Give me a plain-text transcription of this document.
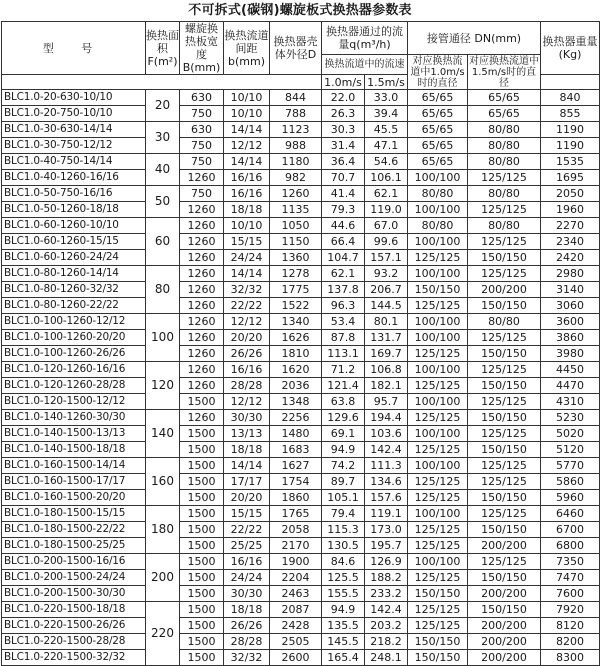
不可拆式(碳钢)螺旋板式换热器参数表
型 号	换热面积F(m²)	螺旋换热板宽度B(mm)	换热流道间距b(mm)	换热器壳体外径D	换热器通过的流量q(m³/h)		接管通径 DN(mm)		换热器重量(Kg)
					换热流道中的流速		对应换热流道中1.0m/s时的直径	对应换热流道中1.5m/s时的直径	
					1.0m/s	1.5m/s			
BLC1.0-20-630-10/10	20	630	10/10	844	22.0	33.0	65/65	65/65	840
BLC1.0-20-750-10/10		750	10/10	788	26.3	39.4	65/65	65/65	855
BLC1.0-30-630-14/14	30	630	14/14	1123	30.3	45.5	65/65	80/80	1190
BLC1.0-30-750-12/12		750	12/12	988	31.4	47.1	65/65	80/80	1190
BLC1.0-40-750-14/14	40	750	14/14	1180	36.4	54.6	65/65	80/80	1535
BLC1.0-40-1260-16/16		1260	16/16	982	70.7	106.1	100/100	125/125	1695
BLC1.0-50-750-16/16	50	750	16/16	1260	41.4	62.1	80/80	80/80	2050
BLC1.0-50-1260-18/18		1260	18/18	1135	79.3	119.0	100/100	125/125	1960
BLC1.0-60-1260-10/10	60	1260	10/10	1050	44.6	67.0	80/80	80/80	2270
BLC1.0-60-1260-15/15		1260	15/15	1150	66.4	99.6	100/100	125/125	2340
BLC1.0-60-1260-24/24		1260	24/24	1360	104.7	157.1	125/125	150/150	2420
BLC1.0-80-1260-14/14	80	1260	14/14	1278	62.1	93.2	100/100	125/125	2980
BLC1.0-80-1260-32/32		1260	32/32	1775	137.8	206.7	150/150	200/200	3140
BLC1.0-80-1260-22/22		1260	22/22	1522	96.3	144.5	125/125	150/150	3060
BLC1.0-100-1260-12/12	100	1260	12/12	1340	53.4	80.1	100/100	80/80	3600
BLC1.0-100-1260-20/20		1260	20/20	1626	87.8	131.7	100/100	125/125	3860
BLC1.0-100-1260-26/26		1260	26/26	1810	113.1	169.7	125/125	150/150	3980
BLC1.0-120-1260-16/16	120	1260	16/16	1620	71.2	106.8	100/100	125/125	4450
BLC1.0-120-1260-28/28		1260	28/28	2036	121.4	182.1	125/125	150/150	4470
BLC1.0-120-1500-12/12		1500	12/12	1348	63.8	95.7	100/100	125/125	4310
BLC1.0-140-1260-30/30	140	1260	30/30	2256	129.6	194.4	125/125	150/150	5230
BLC1.0-140-1500-13/13		1500	13/13	1480	69.1	103.6	100/100	125/125	5020
BLC1.0-140-1500-18/18		1500	18/18	1683	94.9	142.4	125/125	150/150	5120
BLC1.0-160-1500-14/14	160	1500	14/14	1627	74.2	111.3	100/100	125/125	5770
BLC1.0-160-1500-17/17		1500	17/17	1754	89.7	134.6	125/125	125/125	5860
BLC1.0-160-1500-20/20		1500	20/20	1860	105.1	157.6	125/125	150/150	5960
BLC1.0-180-1500-15/15	180	1500	15/15	1765	79.4	119.1	100/100	125/125	6460
BLC1.0-180-1500-22/22		1500	22/22	2058	115.3	173.0	125/125	150/150	6700
BLC1.0-180-1500-25/25		1500	25/25	2170	130.5	195.7	125/125	200/200	6800
BLC1.0-200-1500-16/16	200	1500	16/16	1900	84.6	126.9	100/100	125/125	7350
BLC1.0-200-1500-24/24		1500	24/24	2204	125.5	188.2	125/125	150/150	7470
BLC1.0-200-1500-30/30		1500	30/30	2463	155.5	233.2	150/150	200/200	7600
BLC1.0-220-1500-18/18	220	1500	18/18	2087	94.9	142.4	125/125	150/150	7920
BLC1.0-220-1500-26/26		1500	26/26	2428	135.5	203.2	125/125	200/200	8120
BLC1.0-220-1500-28/28		1500	28/28	2505	145.5	218.2	150/150	200/200	8200
BLC1.0-220-1500-32/32		1500	32/32	2600	165.4	248.1	150/150	200/200	8300
